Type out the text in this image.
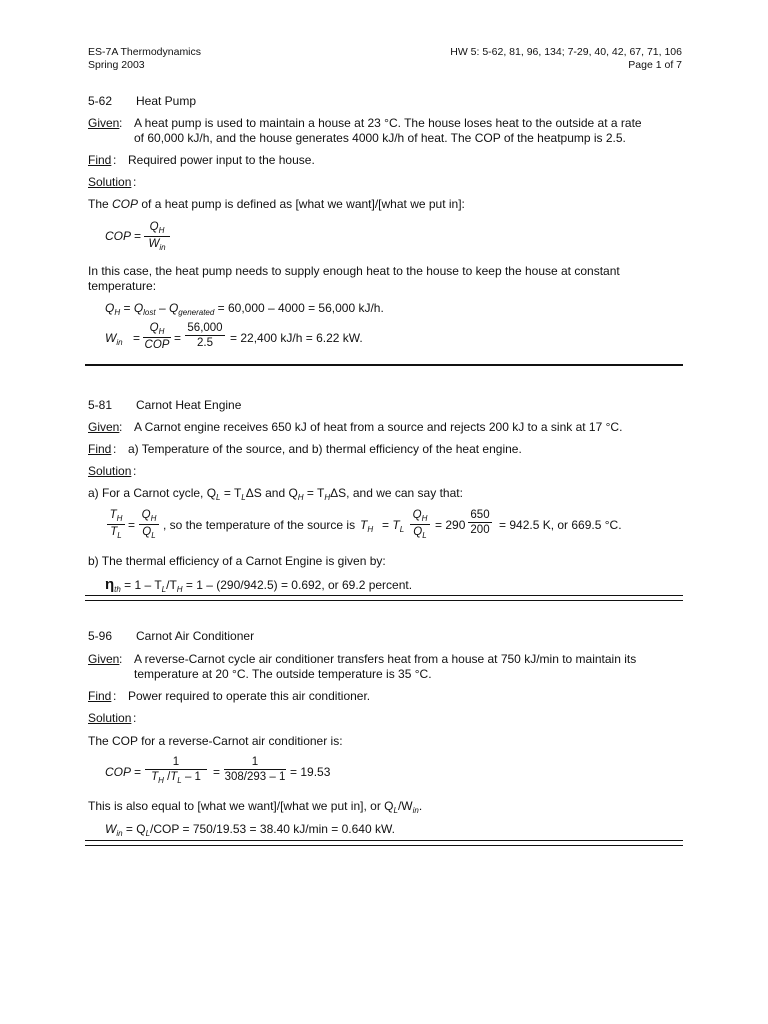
ES-7A Thermodynamics
Spring 2003
HW 5: 5-62, 81, 96, 134; 7-29, 40, 42, 67, 71, 106
Page 1 of 7
5-62 Heat Pump
Given : A heat pump is used to maintain a house at 23 °C. The house loses heat to the outside at a rate
of 60,000 kJ/h, and the house generates 4000 kJ/h of heat. The COP of the heatpump is 2.5.
Find : Required power input to the house.
Solution :
The COP of a heat pump is defined as [what we want]/[what we put in]:
COP =
$Q_H$
$W_{in}$
In this case, the heat pump needs to supply enough heat to the house to keep the house at constant
temperature:
$Q_H = Q_{lost} - Q_{generated} = 60,000 - 4000 = 56,000$ kJ/h.
$W_{in}$ =
$Q_H$
COP =
56,000
2.5 = 22,400 kJ/h = 6.22 kW.
5-81 Carnot Heat Engine
Given : A Carnot engine receives 650 kJ of heat from a source and rejects 200 kJ to a sink at 17 °C.
Find : a) Temperature of the source, and b) thermal efficiency of the heat engine.
Solution :
a) For a Carnot cycle, $Q_L = T_L\Delta S$ and $Q_H = T_H\Delta S$, and we can say that:
$T_H$
$T_L$
=
$Q_H$
$Q_L$
, so the temperature of the source is $T_H = T_L$
$Q_H$
$Q_L$
= 290
650
200 = 942.5 K, or 669.5 °C.
b) The thermal efficiency of a Carnot Engine is given by:
$\eta_{th} = 1 - T_L/T_H = 1 - (290/942.5) = 0.692$, or 69.2 percent.
5-96 Carnot Air Conditioner
Given : A reverse-Carnot cycle air conditioner transfers heat from a house at 750 kJ/min to maintain its
temperature at 20 °C. The outside temperature is 35 °C.
Find : Power required to operate this air conditioner.
Solution :
The COP for a reverse-Carnot air conditioner is:
COP =
1
$T_H$ $/T_L - 1$ =
1
308/293 – 1 = 19.53
This is also equal to [what we want]/[what we put in], or $Q_L/W_{in}$.
$W_{in} = Q_L/COP = 750/19.53 = 38.40$ kJ/min = 0.640 kW.
